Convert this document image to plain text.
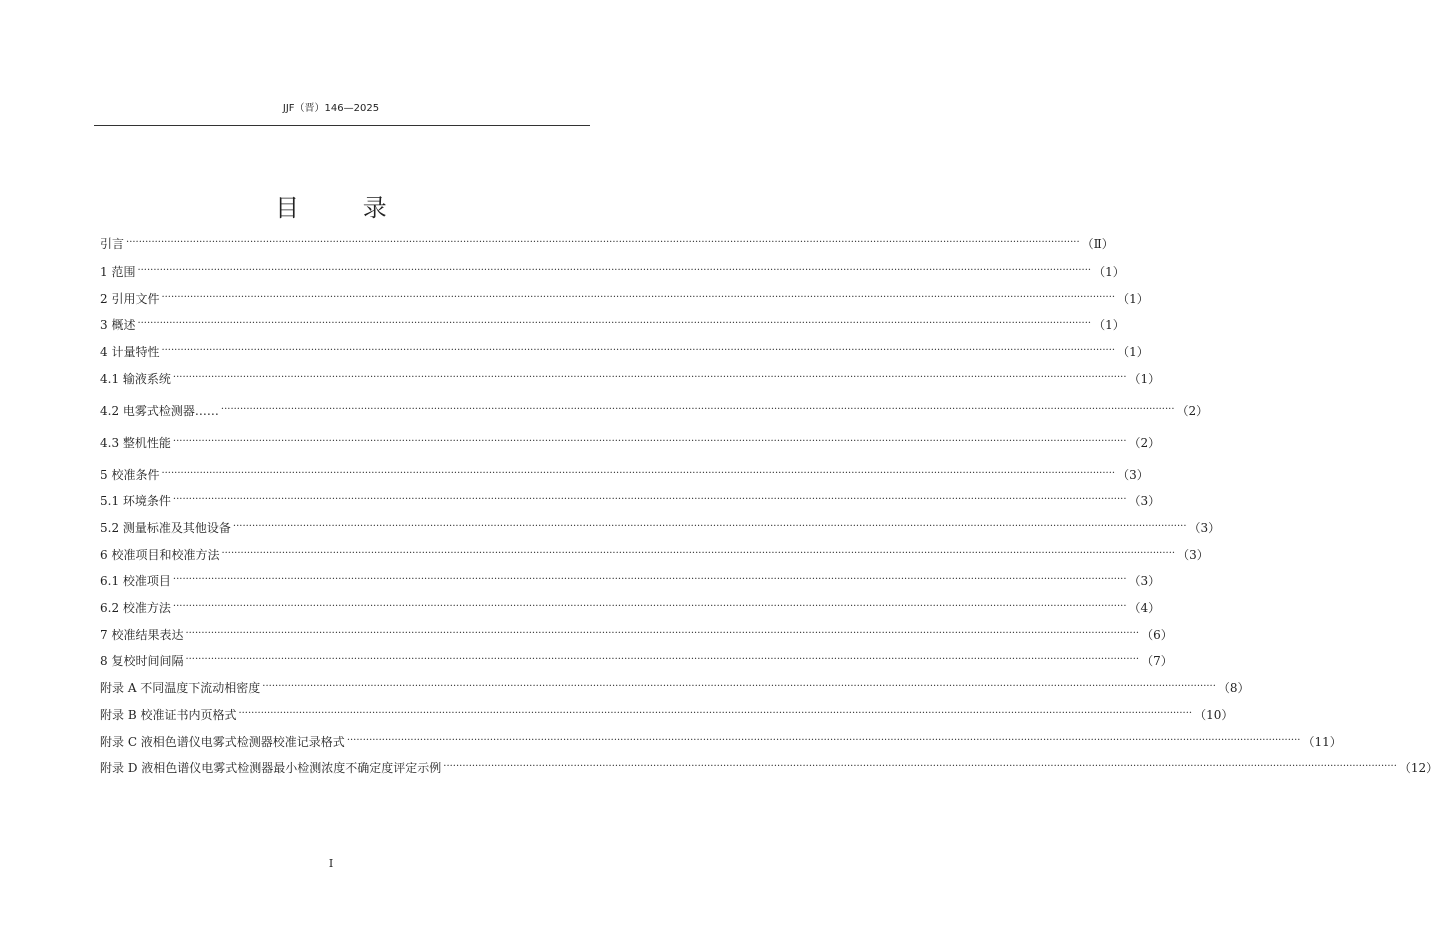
JJF（晋）146—2025
目 录
引言 ············································································································································································································································································································ （Ⅱ）
1 范围 ············································································································································································································································································································ （1）
2 引用文件 ············································································································································································································································································································ （1）
3 概述 ············································································································································································································································································································ （1）
4 计量特性 ············································································································································································································································································································ （1）
4.1 输液系统 ············································································································································································································································································································ （1）
4.2 电雾式检测器…… ············································································································································································································································································································ （2）
4.3 整机性能 ············································································································································································································································································································ （2）
5 校准条件 ············································································································································································································································································································ （3）
5.1 环境条件 ············································································································································································································································································································ （3）
5.2 测量标准及其他设备 ············································································································································································································································································································ （3）
6 校准项目和校准方法 ············································································································································································································································································································ （3）
6.1 校准项目 ············································································································································································································································································································ （3）
6.2 校准方法 ············································································································································································································································································································ （4）
7 校准结果表达 ············································································································································································································································································································ （6）
8 复校时间间隔 ············································································································································································································································································································ （7）
附录 A 不同温度下流动相密度 ············································································································································································································································································································ （8）
附录 B 校准证书内页格式 ············································································································································································································································································································ （10）
附录 C 液相色谱仪电雾式检测器校准记录格式 ············································································································································································································································································································ （11）
附录 D 液相色谱仪电雾式检测器最小检测浓度不确定度评定示例 ············································································································································································································································································································ （12）
I
